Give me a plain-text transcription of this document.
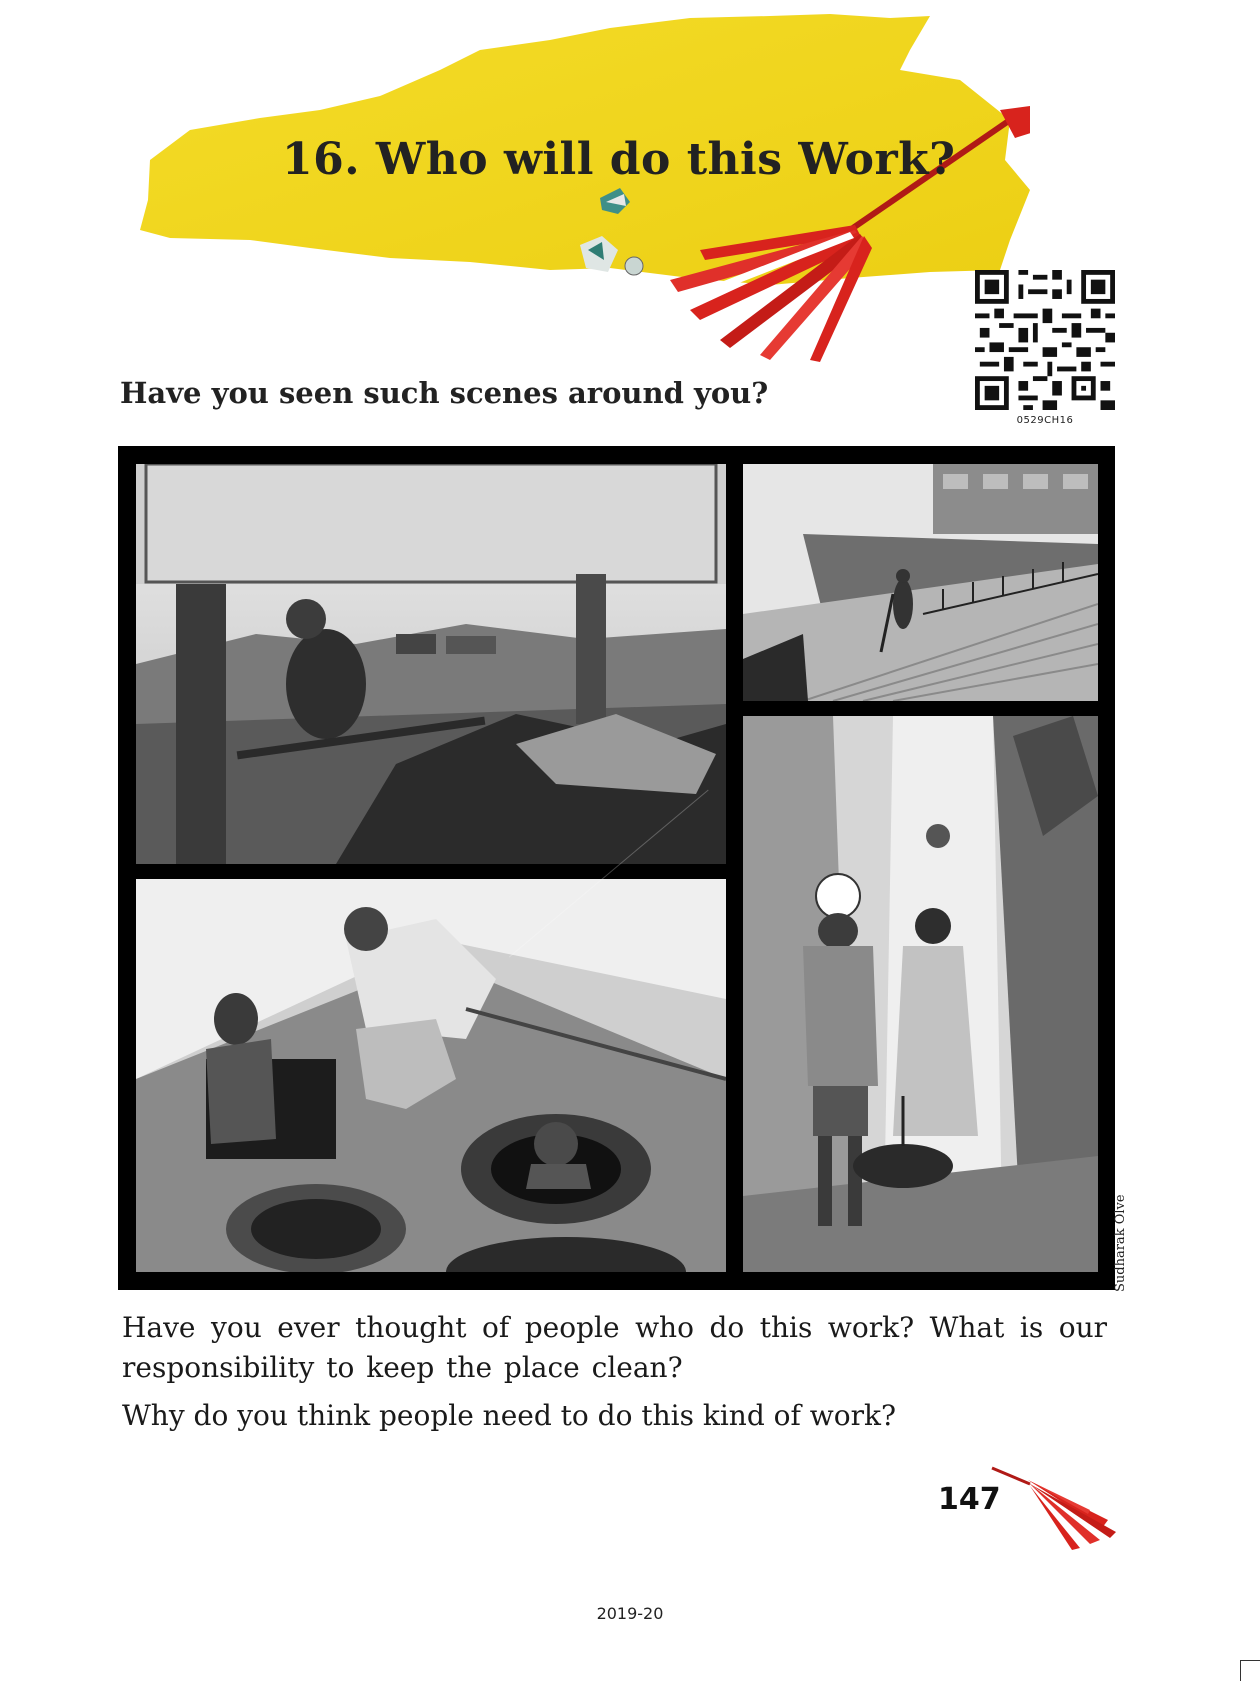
16. Who will do this Work?
0529CH16
Have you seen such scenes around you?
Sudharak Olve

Have you ever thought of people who do this work? What is our responsibility to keep the place clean?

Why do you think people need to do this kind of work?

147
2019-20
